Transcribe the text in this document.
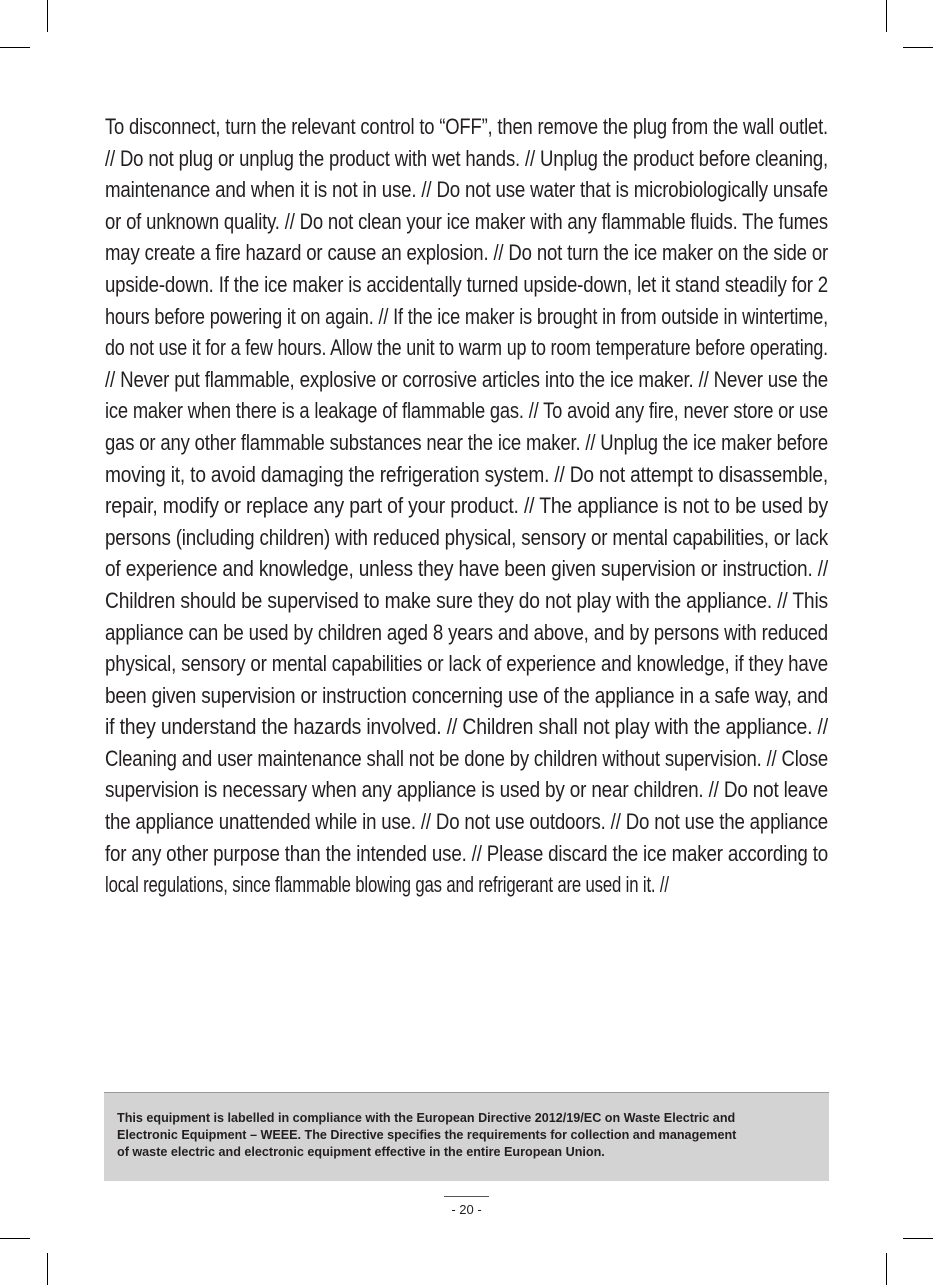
To disconnect, turn the relevant control to “OFF”, then remove the plug from the wall outlet.
// Do not plug or unplug the product with wet hands. // Unplug the product before cleaning,
maintenance and when it is not in use. // Do not use water that is microbiologically unsafe
or of unknown quality. // Do not clean your ice maker with any flammable fluids. The fumes
may create a fire hazard or cause an explosion. // Do not turn the ice maker on the side or
upside-down. If the ice maker is accidentally turned upside-down, let it stand steadily for 2
hours before powering it on again. // If the ice maker is brought in from outside in wintertime,
do not use it for a few hours. Allow the unit to warm up to room temperature before operating.
// Never put flammable, explosive or corrosive articles into the ice maker. // Never use the
ice maker when there is a leakage of flammable gas. // To avoid any fire, never store or use
gas or any other flammable substances near the ice maker. // Unplug the ice maker before
moving it, to avoid damaging the refrigeration system. // Do not attempt to disassemble,
repair, modify or replace any part of your product. // The appliance is not to be used by
persons (including children) with reduced physical, sensory or mental capabilities, or lack
of experience and knowledge, unless they have been given supervision or instruction. //
Children should be supervised to make sure they do not play with the appliance. // This
appliance can be used by children aged 8 years and above, and by persons with reduced
physical, sensory or mental capabilities or lack of experience and knowledge, if they have
been given supervision or instruction concerning use of the appliance in a safe way, and
if they understand the hazards involved. // Children shall not play with the appliance. //
Cleaning and user maintenance shall not be done by children without supervision. // Close
supervision is necessary when any appliance is used by or near children. // Do not leave
the appliance unattended while in use. // Do not use outdoors. // Do not use the appliance
for any other purpose than the intended use. // Please discard the ice maker according to
local regulations, since flammable blowing gas and refrigerant are used in it. //
This equipment is labelled in compliance with the European Directive 2012/19/EC on Waste Electric and
Electronic Equipment – WEEE. The Directive specifies the requirements for collection and management
of waste electric and electronic equipment effective in the entire European Union.
- 20 -
